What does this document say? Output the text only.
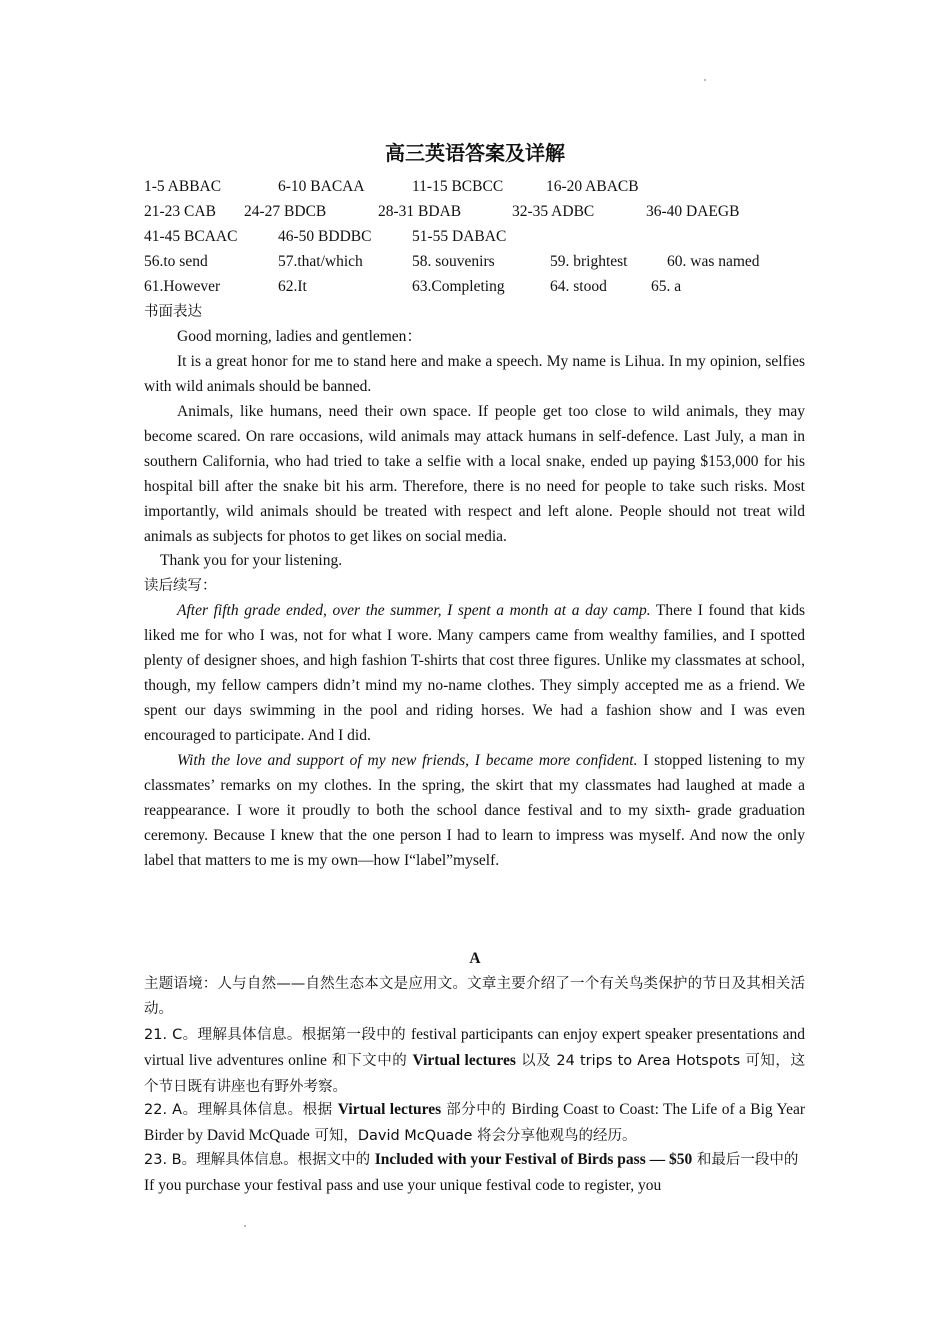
高三英语答案及详解
1-5 ABBAC	6-10 BACAA	11-15 BCBCC	16-20 ABACB
21-23 CAB 24-27 BDCB	28-31 BDAB	32-35 ADBC	36-40 DAEGB
41-45 BCAAC	46-50 BDDBC	51-55 DABAC
56.to send	57.that/which	58. souvenirs	59. brightest	60. was named
61.However	62.It	63.Completing	64. stood	65. a
书面表达
Good morning, ladies and gentlemen：

It is a great honor for me to stand here and make a speech. My name is Lihua. In my opinion, selfies with wild animals should be banned.

Animals, like humans, need their own space. If people get too close to wild animals, they may become scared. On rare occasions, wild animals may attack humans in self-defence. Last July, a man in southern California, who had tried to take a selfie with a local snake, ended up paying $153,000 for his hospital bill after the snake bit his arm. Therefore, there is no need for people to take such risks. Most importantly, wild animals should be treated with respect and left alone. People should not treat wild animals as subjects for photos to get likes on social media.

Thank you for your listening.
读后续写：

After fifth grade ended, over the summer, I spent a month at a day camp. There I found that kids liked me for who I was, not for what I wore. Many campers came from wealthy families, and I spotted plenty of designer shoes, and high fashion T-shirts that cost three figures. Unlike my classmates at school, though, my fellow campers didn’t mind my no-name clothes. They simply accepted me as a friend. We spent our days swimming in the pool and riding horses. We had a fashion show and I was even encouraged to participate. And I did.

With the love and support of my new friends, I became more confident. I stopped listening to my classmates’ remarks on my clothes. In the spring, the skirt that my classmates had laughed at made a reappearance. I wore it proudly to both the school dance festival and to my sixth- grade graduation ceremony. Because I knew that the one person I had to learn to impress was myself. And now the only label that matters to me is my own—how I“label”myself.

A

主题语境：人与自然——自然生态本文是应用文。文章主要介绍了一个有关鸟类保护的节日及其相关活动。

21. C。理解具体信息。根据第一段中的 festival participants can enjoy expert speaker presentations and virtual live adventures online 和下文中的 Virtual lectures 以及 24 trips to Area Hotspots 可知，这个节日既有讲座也有野外考察。

22. A。理解具体信息。根据 Virtual lectures 部分中的 Birding Coast to Coast: The Life of a Big Year Birder by David McQuade 可知，David McQuade 将会分享他观鸟的经历。

23. B。理解具体信息。根据文中的 Included with your Festival of Birds pass — $50 和最后一段中的 If you purchase your festival pass and use your unique festival code to register, you
